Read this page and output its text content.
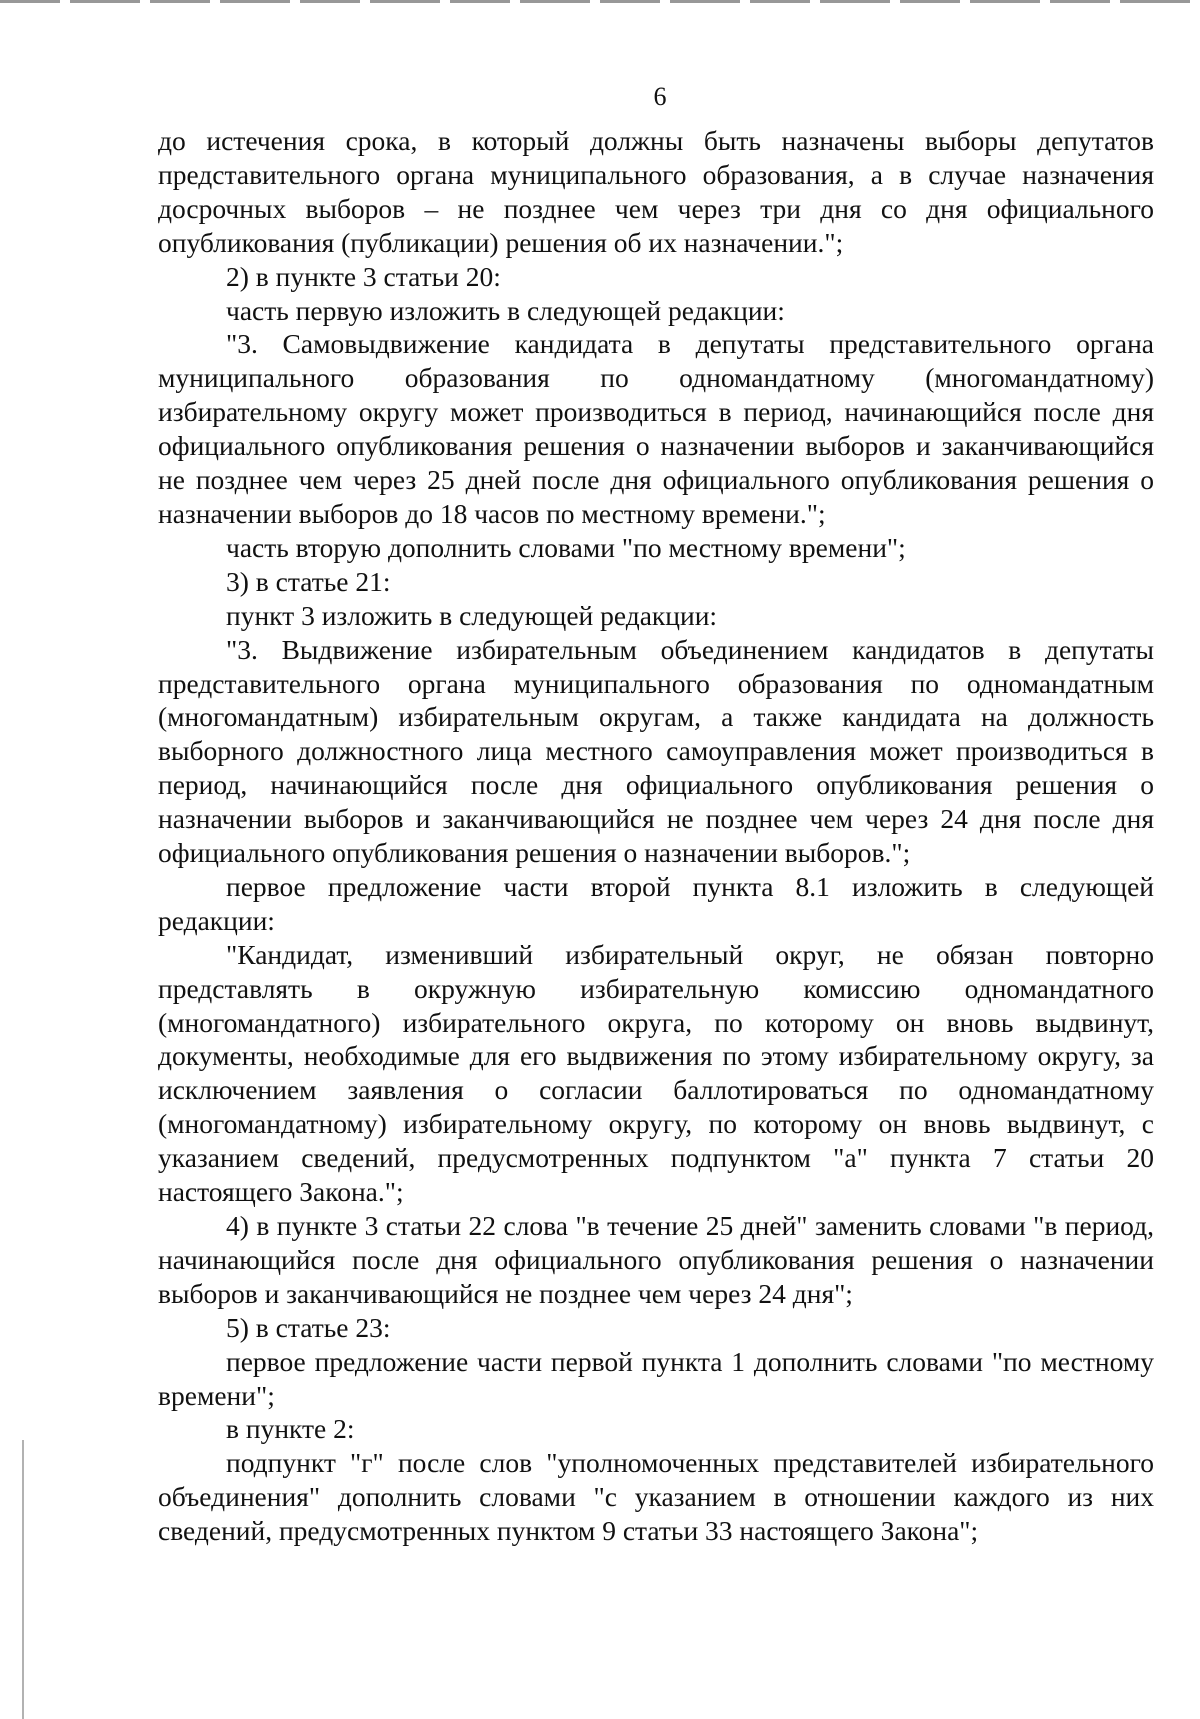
6

до истечения срока, в который должны быть назначены выборы депутатов представительного органа муниципального образования, а в случае назначения досрочных выборов – не позднее чем через три дня со дня официального опубликования (публикации) решения об их назначении.";

2) в пункте 3 статьи 20:

часть первую изложить в следующей редакции:

"3. Самовыдвижение кандидата в депутаты представительного органа муниципального образования по одномандатному (многомандатному) избирательному округу может производиться в период, начинающийся после дня официального опубликования решения о назначении выборов и заканчивающийся не позднее чем через 25 дней после дня официального опубликования решения о назначении выборов до 18 часов по местному времени.";

часть вторую дополнить словами "по местному времени";

3) в статье 21:

пункт 3 изложить в следующей редакции:

"3. Выдвижение избирательным объединением кандидатов в депутаты представительного органа муниципального образования по одномандатным (многомандатным) избирательным округам, а также кандидата на должность выборного должностного лица местного самоуправления может производиться в период, начинающийся после дня официального опубликования решения о назначении выборов и заканчивающийся не позднее чем через 24 дня после дня официального опубликования решения о назначении выборов.";

первое предложение части второй пункта 8.1 изложить в следующей редакции:

"Кандидат, изменивший избирательный округ, не обязан повторно представлять в окружную избирательную комиссию одномандатного (многомандатного) избирательного округа, по которому он вновь выдвинут, документы, необходимые для его выдвижения по этому избирательному округу, за исключением заявления о согласии баллотироваться по одномандатному (многомандатному) избирательному округу, по которому он вновь выдвинут, с указанием сведений, предусмотренных подпунктом "а" пункта 7 статьи 20 настоящего Закона.";

4) в пункте 3 статьи 22 слова "в течение 25 дней" заменить словами "в период, начинающийся после дня официального опубликования решения о назначении выборов и заканчивающийся не позднее чем через 24 дня";

5) в статье 23:

первое предложение части первой пункта 1 дополнить словами "по местному времени";

в пункте 2:

подпункт "г" после слов "уполномоченных представителей избирательного объединения" дополнить словами "с указанием в отношении каждого из них сведений, предусмотренных пунктом 9 статьи 33 настоящего Закона";
